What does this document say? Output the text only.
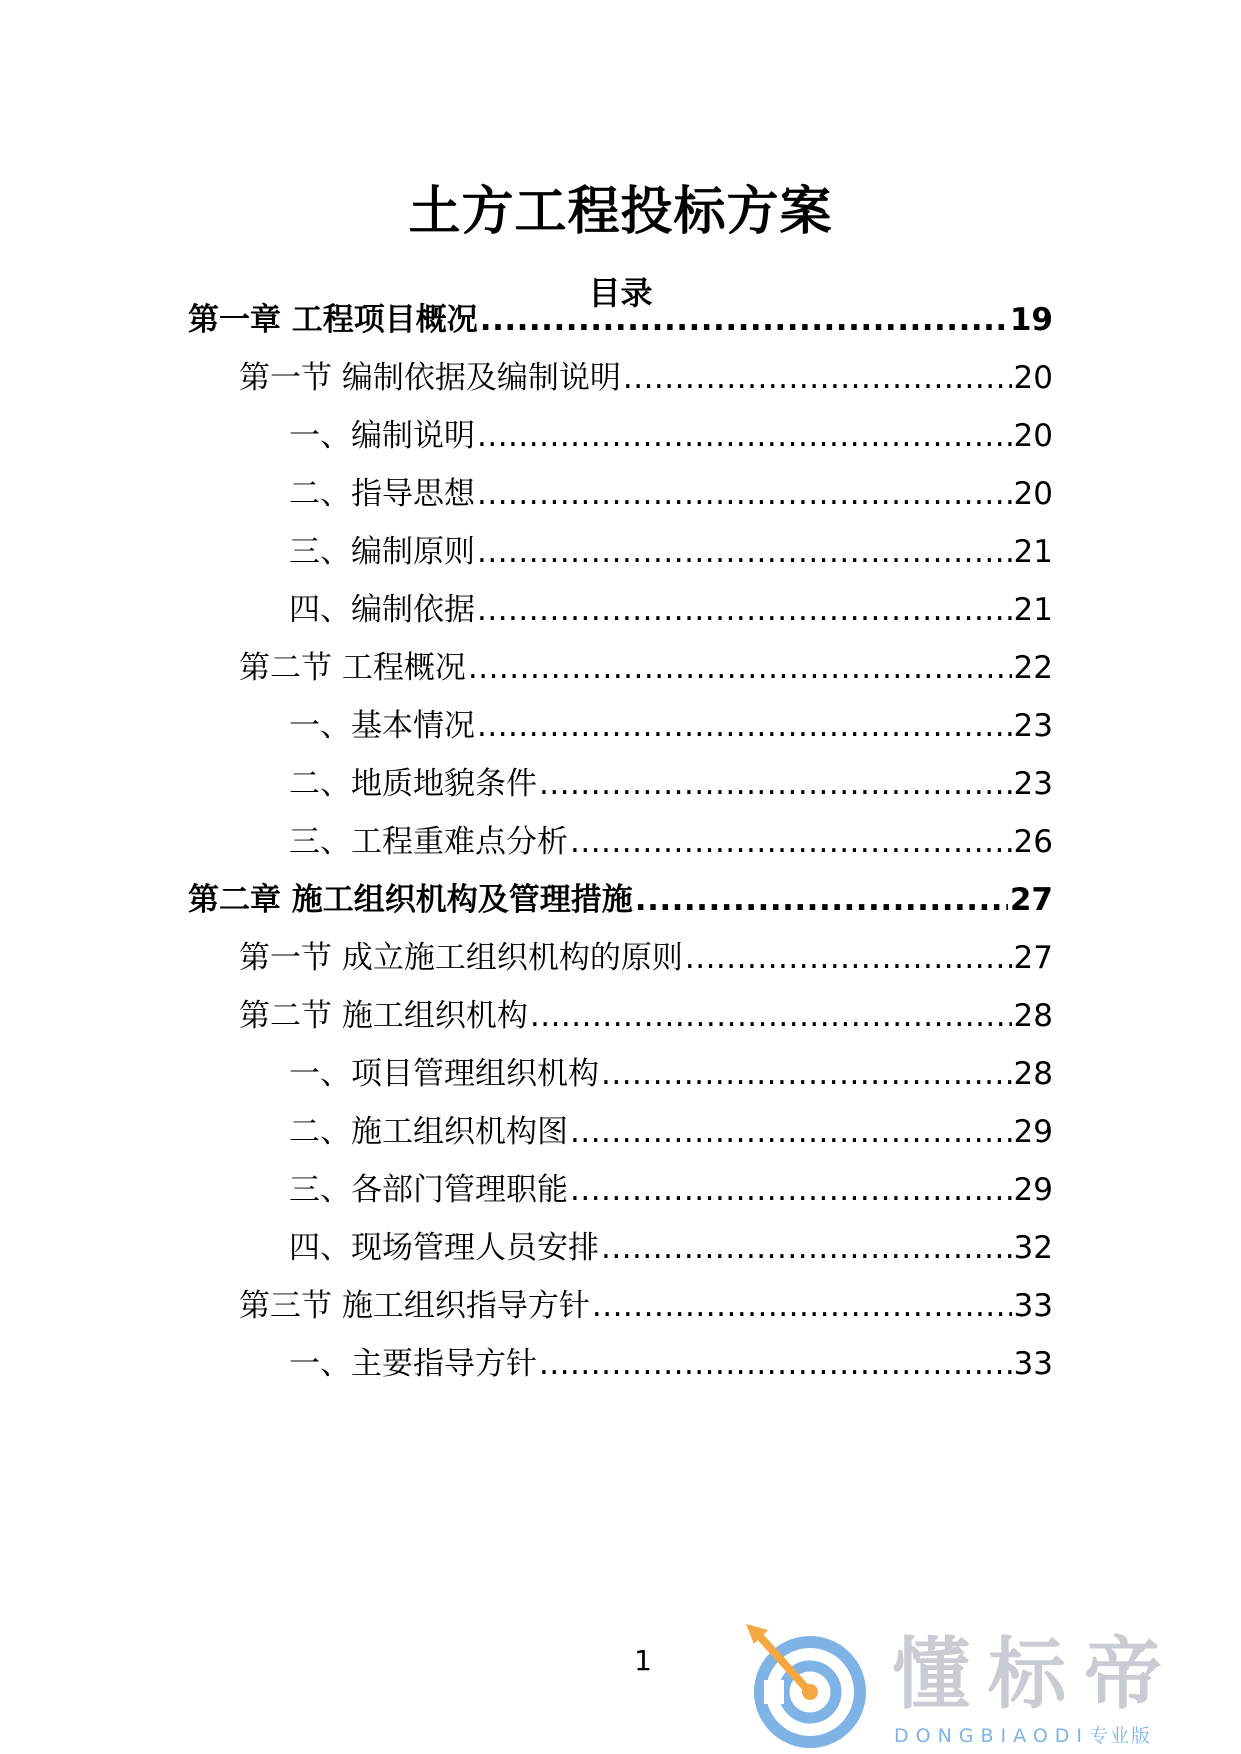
土方工程投标方案
目录
第一章 工程项目概况 .....	19
第一节 编制依据及编制说明 .....	20
一、编制说明 .....	20
二、指导思想 .....	20
三、编制原则 .....	21
四、编制依据 .....	21
第二节 工程概况 .....	22
一、基本情况 .....	23
二、地质地貌条件 .....	23
三、工程重难点分析 .....	26
第二章 施工组织机构及管理措施 .....	27
第一节 成立施工组织机构的原则 .....	27
第二节 施工组织机构 .....	28
一、项目管理组织机构 .....	28
二、施工组织机构图 .....	29
三、各部门管理职能 .....	29
四、现场管理人员安排 .....	32
第三节 施工组织指导方针 .....	33
一、主要指导方针 .....	33
1	懂标帝
DONGBIAODI专业版
